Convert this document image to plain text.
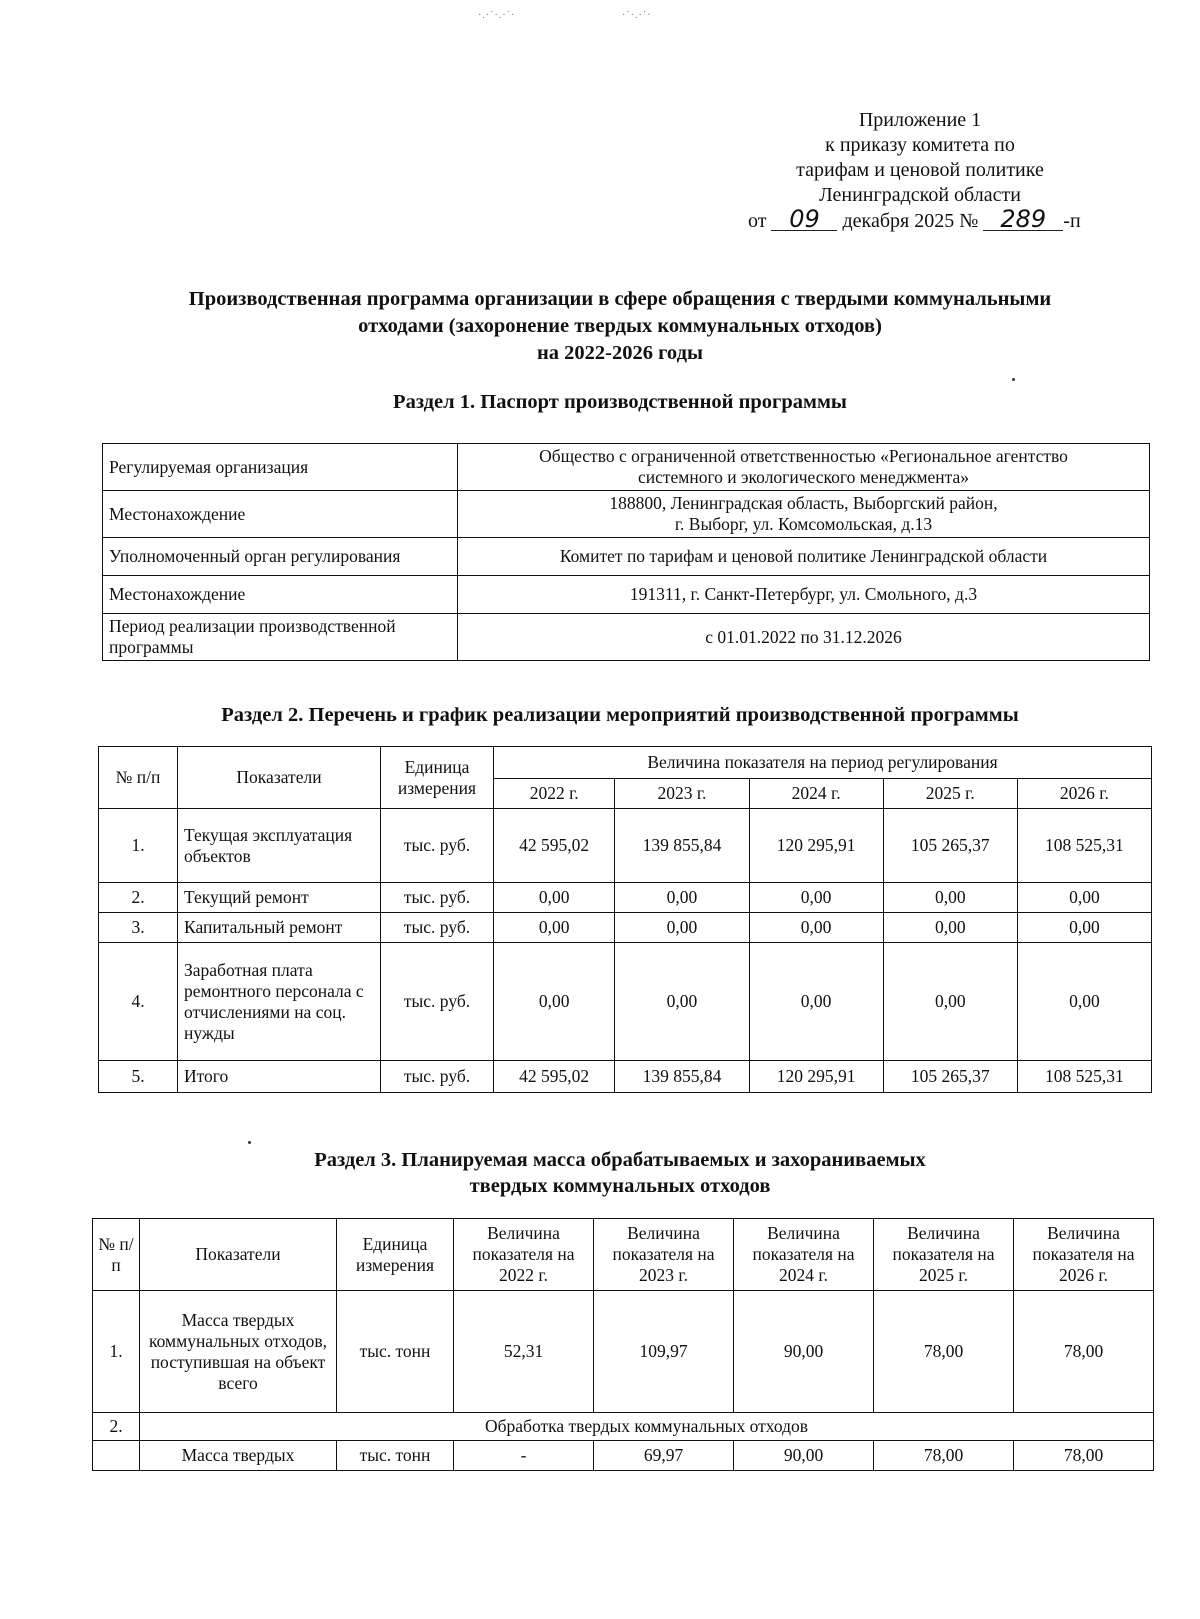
·.·˙·.·˙·	·˙·.·˙·
Приложение 1
к приказу комитета по
тарифам и ценовой политике
Ленинградской области
от 09 декабря 2025 № 289 -п
Производственная программа организации в сфере обращения с твердыми коммунальными
отходами (захоронение твердых коммунальных отходов)
на 2022-2026 годы
Раздел 1. Паспорт производственной программы
Регулируемая организация	Общество с ограниченной ответственностью «Региональное агентство
системного и экологического менеджмента»

Местонахождение	188800, Ленинградская область, Выборгский район,
г. Выборг, ул. Комсомольская, д.13

Уполномоченный орган регулирования	Комитет по тарифам и ценовой политике Ленинградской области
Местонахождение	191311, г. Санкт-Петербург, ул. Смольного, д.3
Период реализации производственной программы	с 01.01.2022 по 31.12.2026
Раздел 2. Перечень и график реализации мероприятий производственной программы
№ п/п	Показатели	Единица измерения	Величина показателя на период регулирования				
			2022 г.	2023 г.	2024 г.	2025 г.	2026 г.
1.	Текущая эксплуатация объектов	тыс. руб.	42 595,02	139 855,84	120 295,91	105 265,37	108 525,31
2.	Текущий ремонт	тыс. руб.	0,00	0,00	0,00	0,00	0,00
3.	Капитальный ремонт	тыс. руб.	0,00	0,00	0,00	0,00	0,00
4.	Заработная плата ремонтного персонала с отчислениями на соц. нужды	тыс. руб.	0,00	0,00	0,00	0,00	0,00
5.	Итого	тыс. руб.	42 595,02	139 855,84	120 295,91	105 265,37	108 525,31
Раздел 3. Планируемая масса обрабатываемых и захораниваемых
твердых коммунальных отходов
№ п/п	Показатели	Единица измерения	Величина показателя на 2022 г.	Величина показателя на 2023 г.	Величина показателя на 2024 г.	Величина показателя на 2025 г.	Величина показателя на 2026 г.
1.	Масса твердых коммунальных отходов, поступившая на объект всего	тыс. тонн	52,31	109,97	90,00	78,00	78,00
2.	Обработка твердых коммунальных отходов						
	Масса твердых	тыс. тонн	-	69,97	90,00	78,00	78,00
